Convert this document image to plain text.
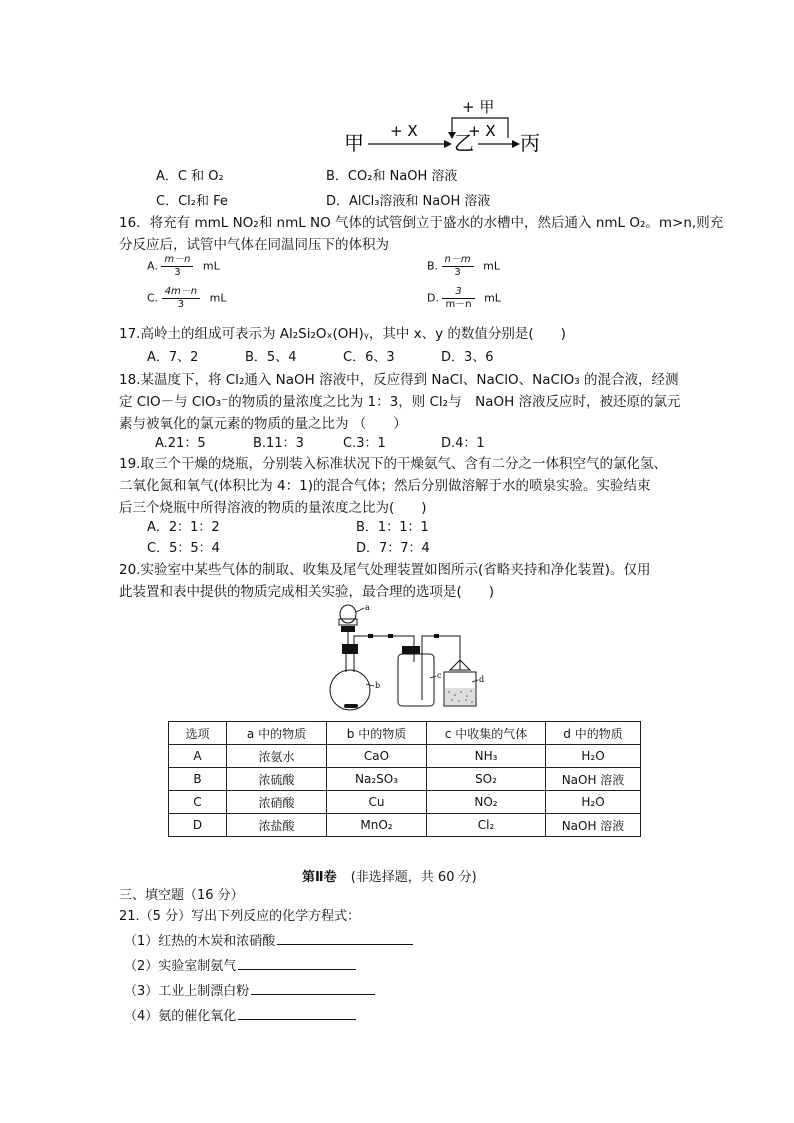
甲 + X 乙
+ X 丙
+ 甲
A．C 和 O₂	B．CO₂和 NaOH 溶液
C．Cl₂和 Fe	D．AlCl₃溶液和 NaOH 溶液
16．将充有 mmL NO₂和 nmL NO 气体的试管倒立于盛水的水槽中，然后通入 nmL O₂。m>n,则充
分反应后，试管中气体在同温同压下的体积为
A. $\frac{m-n}{3}$ mL	B. $\frac{n-m}{3}$ mL
C. $\frac{4m-n}{3}$ mL	D. $\frac{3}{m-n}$ mL
17.高岭土的组成可表示为 Al₂Si₂Oₓ(OH)ᵧ，其中 x、y 的数值分别是(　　)
A．7、2	B．5、4	C．6、3	D．3、6
18.某温度下，将 Cl₂通入 NaOH 溶液中，反应得到 NaCl、NaClO、NaClO₃ 的混合液，经测
定 ClO－与 ClO₃⁻的物质的量浓度之比为 1：3，则 Cl₂与　NaOH 溶液反应时，被还原的氯元
素与被氧化的氯元素的物质的量之比为 （　　）
A.21：5	B.11：3	C.3：1	D.4：1
19.取三个干燥的烧瓶，分别装入标准状况下的干燥氨气、含有二分之一体积空气的氯化氢、
二氧化氮和氧气(体积比为 4：1)的混合气体；然后分别做溶解于水的喷泉实验。实验结束
后三个烧瓶中所得溶液的物质的量浓度之比为(　　)
A．2：1：2	B．1：1：1
C．5：5：4	D．7：7：4
20.实验室中某些气体的制取、收集及尾气处理装置如图所示(省略夹持和净化装置)。仅用
此装置和表中提供的物质完成相关实验，最合理的选项是(　　)
a
b
c	d
选项	a 中的物质	b 中的物质	c 中收集的气体	d 中的物质
A	浓氨水	CaO	NH₃	H₂O
B	浓硫酸	Na₂SO₃	SO₂	NaOH 溶液
C	浓硝酸	Cu	NO₂	H₂O
D	浓盐酸	MnO₂	Cl₂	NaOH 溶液
第Ⅱ卷 (非选择题，共 60 分)
三、填空题（16 分）
21.（5 分）写出下列反应的化学方程式：
（1）红热的木炭和浓硝酸
（2）实验室制氨气
（3）工业上制漂白粉
（4）氨的催化氧化
